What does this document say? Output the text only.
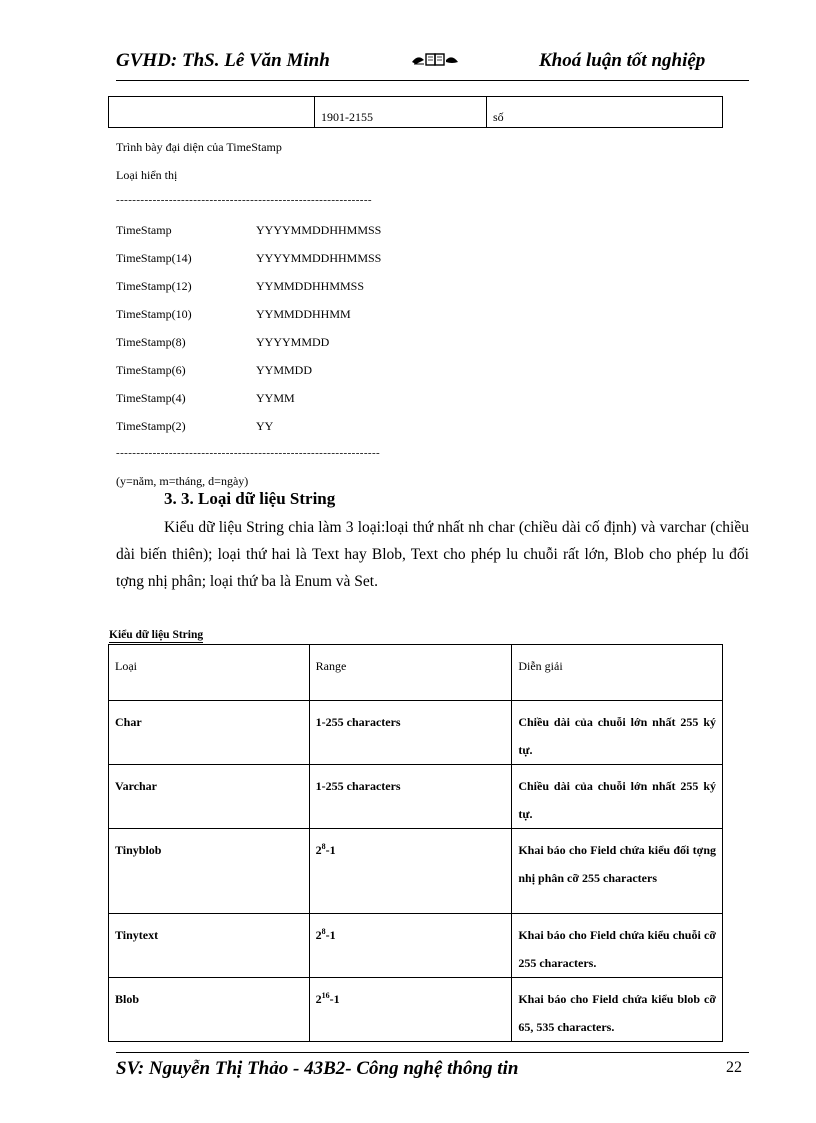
GVHD: ThS. Lê Văn Minh	Khoá luận tốt nghiệp
	1901-2155	số
Trình bày đại diện của TimeStamp
Loại hiển thị
---------------------------------------------------------------
TimeStamp	YYYYMMDDHHMMSS
TimeStamp(14)	YYYYMMDDHHMMSS
TimeStamp(12)	YYMMDDHHMMSS
TimeStamp(10)	YYMMDDHHMM
TimeStamp(8)	YYYYMMDD
TimeStamp(6)	YYMMDD
TimeStamp(4)	YYMM
TimeStamp(2)	YY
-----------------------------------------------------------------
(y=năm, m=tháng, d=ngày)
3. 3. Loại dữ liệu String
Kiểu dữ liệu String chia làm 3 loại:loại thứ nhất nh char (chiều dài cố định) và varchar (chiều dài biến thiên); loại thứ hai là Text hay Blob, Text cho phép lu chuỗi rất lớn, Blob cho phép lu đối tợng nhị phân; loại thứ ba là Enum và Set.
Kiểu dữ liệu String
Loại	Range	Diễn giải
Char	1-255 characters	Chiều dài của chuỗi lớn nhất 255 ký tự.

Varchar	1-255 characters	Chiều dài của chuỗi lớn nhất 255 ký tự.

Tinyblob	$2^8-1$	Khai báo cho Field chứa kiểu đối tợng nhị phân cỡ 255 characters

Tinytext	$2^8-1$	Khai báo cho Field chứa kiểu chuỗi cỡ 255 characters.

Blob	$2^{16}-1$	Khai báo cho Field chứa kiểu blob cỡ 65, 535 characters.
SV: Nguyễn Thị Thảo - 43B2- Công nghệ thông tin	22
